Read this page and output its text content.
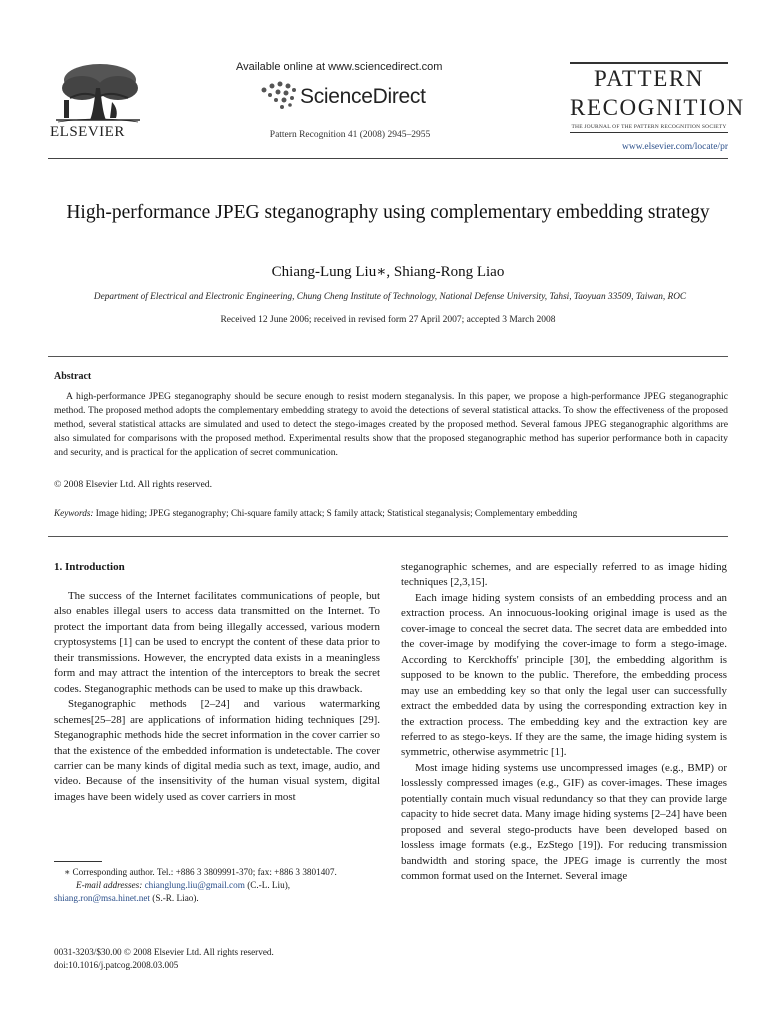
ELSEVIER
Available online at www.sciencedirect.com
ScienceDirect
Pattern Recognition 41 (2008) 2945–2955
PATTERN
RECOGNITION
THE JOURNAL OF THE PATTERN RECOGNITION SOCIETY
www.elsevier.com/locate/pr
High-performance JPEG steganography using complementary embedding strategy
Chiang-Lung Liu∗, Shiang-Rong Liao
Department of Electrical and Electronic Engineering, Chung Cheng Institute of Technology, National Defense University, Tahsi, Taoyuan 33509, Taiwan, ROC
Received 12 June 2006; received in revised form 27 April 2007; accepted 3 March 2008
Abstract
A high-performance JPEG steganography should be secure enough to resist modern steganalysis. In this paper, we propose a high-performance JPEG steganographic method. The proposed method adopts the complementary embedding strategy to avoid the detections of several statistical attacks. To show the effectiveness of the proposed method, several statistical attacks are simulated and used to detect the stego-images created by the proposed method. Several famous JPEG steganographic algorithms are also simulated for comparisons with the proposed method. Experimental results show that the proposed steganographic method has superior performance both in capacity and security, and is practical for the application of secret communication.
© 2008 Elsevier Ltd. All rights reserved.
Keywords: Image hiding; JPEG steganography; Chi-square family attack; S family attack; Statistical steganalysis; Complementary embedding
1. Introduction

The success of the Internet facilitates communications of people, but also enables illegal users to access data transmitted on the Internet. To protect the important data from being illegally accessed, various modern cryptosystems [1] can be used to encrypt the content of these data prior to their transmissions. However, the encrypted data exists in a meaningless form and may attract the intention of the interceptors to break the secret codes. Steganographic methods can be used to make up this drawback.

Steganographic methods [2–24] and various watermarking schemes[25–28] are applications of information hiding techniques [29]. Steganographic methods hide the secret information in the cover carrier so that the existence of the embedded information is undetectable. The cover carrier can be many kinds of digital media such as text, image, audio, and video. Because of the insensitivity of the human visual system, digital images have been widely used as cover carriers in most

steganographic schemes, and are especially referred to as image hiding techniques [2,3,15].

Each image hiding system consists of an embedding process and an extraction process. An innocuous-looking original image is used as the cover-image to conceal the secret data. The secret data are embedded into the cover-image by modifying the cover-image to form a stego-image. According to Kerckhoffs' principle [30], the embedding algorithm is supposed to be known to the public. Therefore, the embedding process may use an embedding key so that only the legal user can successfully extract the embedded data by using the corresponding extraction key in the extraction process. The embedding key and the extraction key are referred to as stego-keys. If they are the same, the image hiding system is symmetric, otherwise asymmetric [1].

Most image hiding systems use uncompressed images (e.g., BMP) or losslessly compressed images (e.g., GIF) as cover-images. These images potentially contain much visual redundancy so that they can provide large capacity to hide secret data. Many image hiding systems [2–24] have been proposed and several stego-products have been developed based on lossless image formats (e.g., EzStego [19]). For reducing transmission bandwidth and storing space, the JPEG image is currently the most common format used on the Internet. Several image

∗ Corresponding author. Tel.: +886 3 3809991-370; fax: +886 3 3801407.
E-mail addresses: chianglung.liu@gmail.com (C.-L. Liu),
shiang.ron@msa.hinet.net (S.-R. Liao).
0031-3203/$30.00 © 2008 Elsevier Ltd. All rights reserved.
doi:10.1016/j.patcog.2008.03.005
